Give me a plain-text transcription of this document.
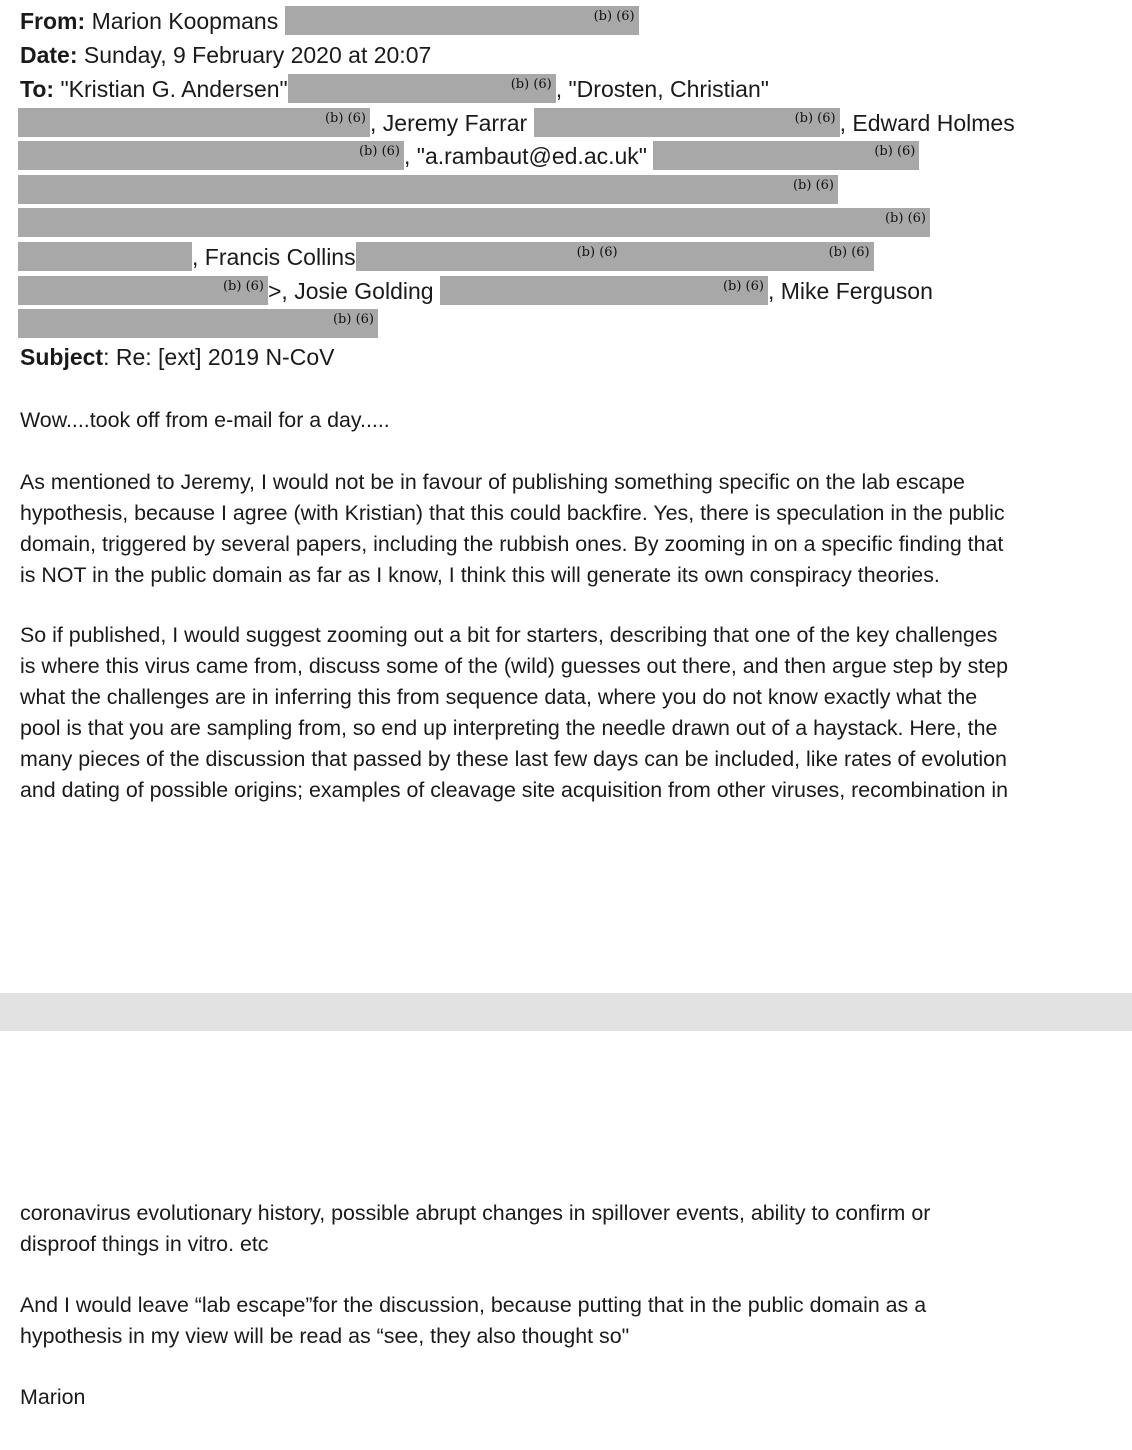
From: Marion Koopmans	(b) (6)
Date: Sunday, 9 February 2020 at 20:07
To: "Kristian G. Andersen"	(b) (6) , "Drosten, Christian"
(b) (6) , Jeremy Farrar	(b) (6) , Edward Holmes
(b) (6) , "a.rambaut@ed.ac.uk"	(b) (6)
(b) (6)
(b) (6)
, Francis Collins	(b) (6)	(b) (6)
(b) (6) >, Josie Golding	(b) (6) , Mike Ferguson
(b) (6)
Subject: Re: [ext] 2019 N-CoV

Wow....took off from e-mail for a day.....

As mentioned to Jeremy, I would not be in favour of publishing something specific on the lab escape

hypothesis, because I agree (with Kristian) that this could backfire. Yes, there is speculation in the public

domain, triggered by several papers, including the rubbish ones. By zooming in on a specific finding that

is NOT in the public domain as far as I know, I think this will generate its own conspiracy theories.

So if published, I would suggest zooming out a bit for starters, describing that one of the key challenges

is where this virus came from, discuss some of the (wild) guesses out there, and then argue step by step

what the challenges are in inferring this from sequence data, where you do not know exactly what the

pool is that you are sampling from, so end up interpreting the needle drawn out of a haystack. Here, the

many pieces of the discussion that passed by these last few days can be included, like rates of evolution

and dating of possible origins; examples of cleavage site acquisition from other viruses, recombination in

coronavirus evolutionary history, possible abrupt changes in spillover events, ability to confirm or

disproof things in vitro. etc

And I would leave “lab escape”for the discussion, because putting that in the public domain as a

hypothesis in my view will be read as “see, they also thought so"

Marion
